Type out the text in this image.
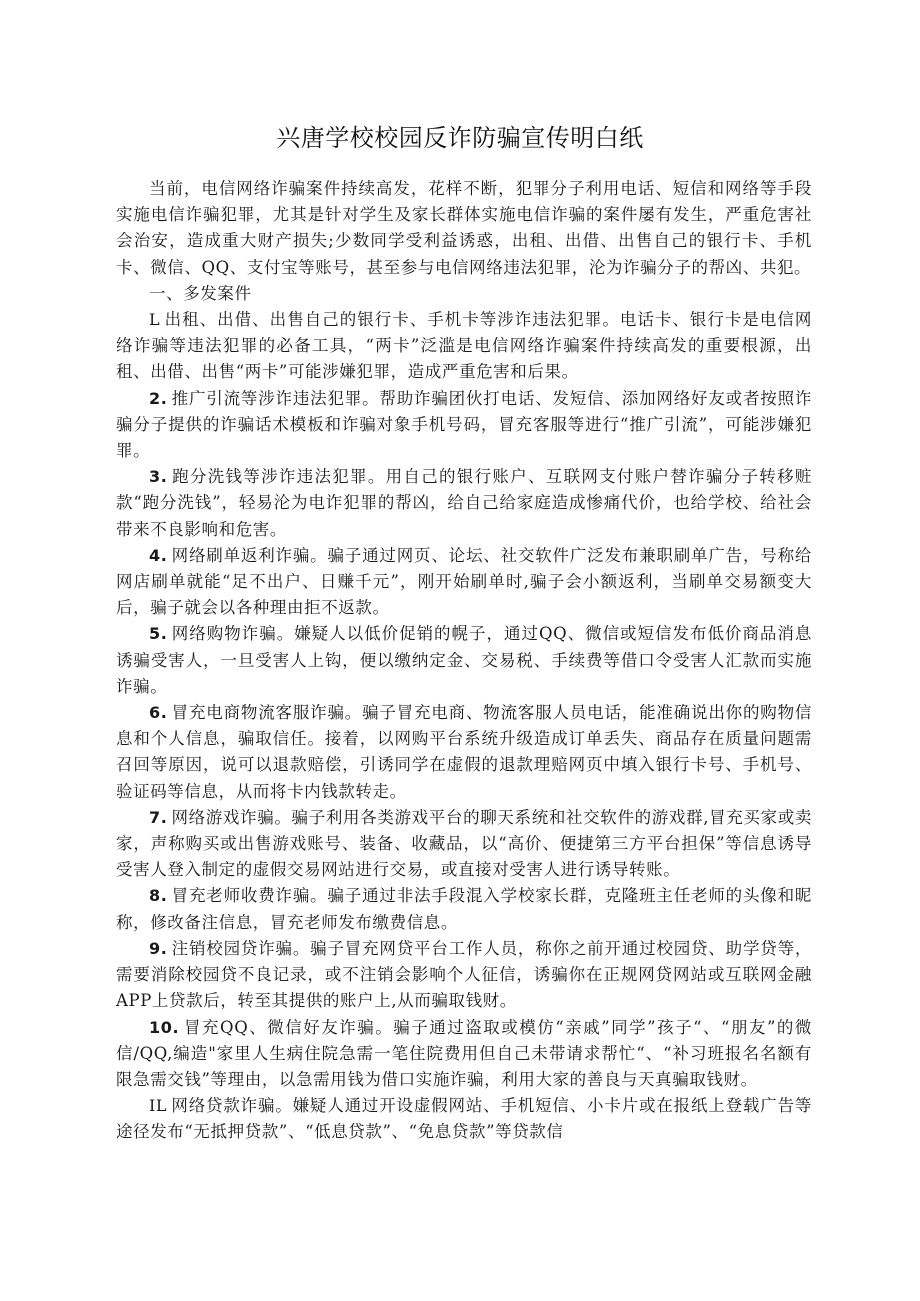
兴唐学校校园反诈防骗宣传明白纸

当前，电信网络诈骗案件持续高发，花样不断，犯罪分子利用电话、短信和网络等手段实施电信诈骗犯罪，尤其是针对学生及家长群体实施电信诈骗的案件屡有发生，严重危害社会治安，造成重大财产损失;少数同学受利益诱惑，出租、出借、出售自己的银行卡、手机卡、微信、QQ、支付宝等账号，甚至参与电信网络违法犯罪，沦为诈骗分子的帮凶、共犯。

一、多发案件

L 出租、出借、出售自己的银行卡、手机卡等涉诈违法犯罪。电话卡、银行卡是电信网络诈骗等违法犯罪的必备工具，“两卡”泛滥是电信网络诈骗案件持续高发的重要根源，出租、出借、出售“两卡”可能涉嫌犯罪，造成严重危害和后果。

2. 推广引流等涉诈违法犯罪。帮助诈骗团伙打电话、发短信、添加网络好友或者按照诈骗分子提供的诈骗话术模板和诈骗对象手机号码，冒充客服等进行“推广引流”，可能涉嫌犯罪。

3. 跑分洗钱等涉诈违法犯罪。用自己的银行账户、互联网支付账户替诈骗分子转移赃款“跑分洗钱”，轻易沦为电诈犯罪的帮凶，给自己给家庭造成惨痛代价，也给学校、给社会带来不良影响和危害。

4. 网络刷单返利诈骗。骗子通过网页、论坛、社交软件广泛发布兼职刷单广告，号称给网店刷单就能“足不出户、日赚千元”，刚开始刷单时,骗子会小额返利，当刷单交易额变大后，骗子就会以各种理由拒不返款。

5. 网络购物诈骗。嫌疑人以低价促销的幌子，通过QQ、微信或短信发布低价商品消息诱骗受害人，一旦受害人上钩，便以缴纳定金、交易税、手续费等借口令受害人汇款而实施诈骗。

6. 冒充电商物流客服诈骗。骗子冒充电商、物流客服人员电话，能准确说出你的购物信息和个人信息，骗取信任。接着，以网购平台系统升级造成订单丢失、商品存在质量问题需召回等原因，说可以退款赔偿，引诱同学在虚假的退款理赔网页中填入银行卡号、手机号、验证码等信息，从而将卡内钱款转走。

7. 网络游戏诈骗。骗子利用各类游戏平台的聊天系统和社交软件的游戏群,冒充买家或卖家，声称购买或出售游戏账号、装备、收藏品，以“高价、便捷第三方平台担保”等信息诱导受害人登入制定的虚假交易网站进行交易，或直接对受害人进行诱导转账。

8. 冒充老师收费诈骗。骗子通过非法手段混入学校家长群，克隆班主任老师的头像和昵称，修改备注信息，冒充老师发布缴费信息。

9. 注销校园贷诈骗。骗子冒充网贷平台工作人员，称你之前开通过校园贷、助学贷等，需要消除校园贷不良记录，或不注销会影响个人征信，诱骗你在正规网贷网站或互联网金融APP上贷款后，转至其提供的账户上,从而骗取钱财。

10. 冒充QQ、微信好友诈骗。骗子通过盗取或模仿“亲戚”同学”孩子“、“朋友”的微信/QQ,编造"家里人生病住院急需一笔住院费用但自己未带请求帮忙“、“补习班报名名额有限急需交钱”等理由，以急需用钱为借口实施诈骗，利用大家的善良与天真骗取钱财。

IL 网络贷款诈骗。嫌疑人通过开设虚假网站、手机短信、小卡片或在报纸上登载广告等途径发布“无抵押贷款”、“低息贷款”、“免息贷款”等贷款信
